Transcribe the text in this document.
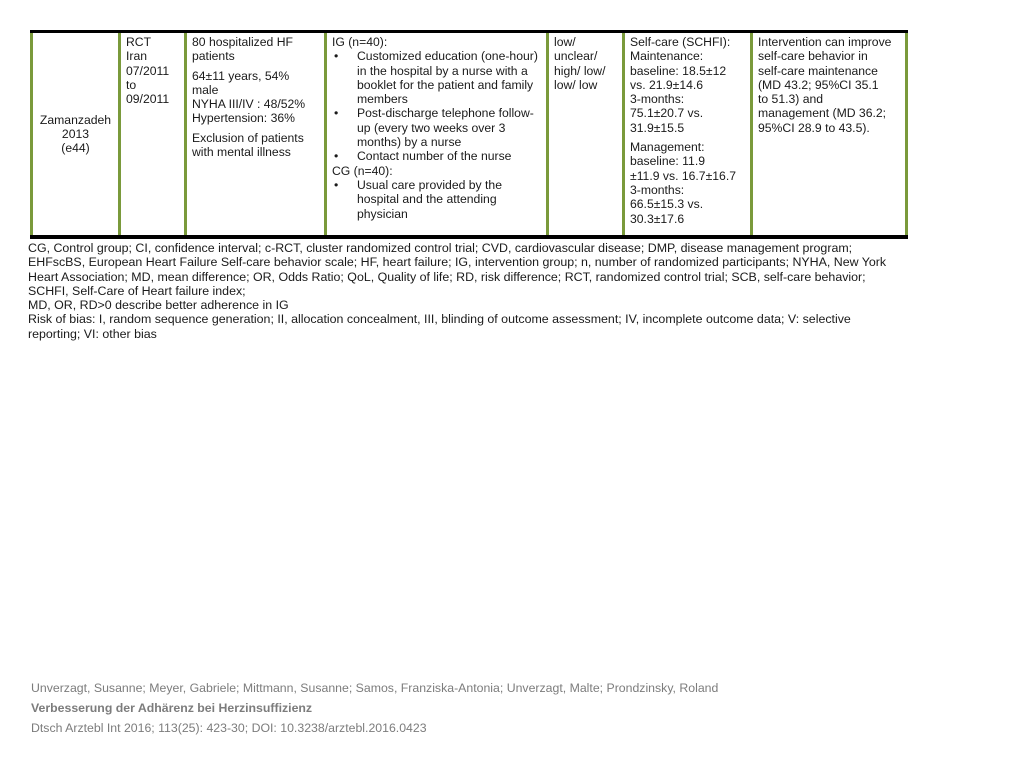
Zamanzadeh
2013
(e44)
RCT
Iran
07/2011
to
09/2011
80 hospitalized HF
patients
64±11 years, 54%
male
NYHA III/IV : 48/52%
Hypertension: 36%
Exclusion of patients
with mental illness
IG (n=40):
• Customized education (one-hour) in the hospital by a nurse with a booklet for the patient and family members
• Post-discharge telephone follow-up (every two weeks over 3 months) by a nurse
• Contact number of the nurse
CG (n=40):
• Usual care provided by the hospital and the attending physician
low/
unclear/
high/ low/
low/ low
Self-care (SCHFI):
Maintenance:
baseline: 18.5±12
vs. 21.9±14.6
3-months:
75.1±20.7 vs.
31.9±15.5
Management:
baseline: 11.9
±11.9 vs. 16.7±16.7
3-months:
66.5±15.3 vs.
30.3±17.6
Intervention can improve
self-care behavior in
self-care maintenance
(MD 43.2; 95%CI 35.1
to 51.3) and
management (MD 36.2;
95%CI 28.9 to 43.5).
CG, Control group; CI, confidence interval; c-RCT, cluster randomized control trial; CVD, cardiovascular disease; DMP, disease management program;
EHFscBS, European Heart Failure Self-care behavior scale; HF, heart failure; IG, intervention group; n, number of randomized participants; NYHA, New York
Heart Association; MD, mean difference; OR, Odds Ratio; QoL, Quality of life; RD, risk difference; RCT, randomized control trial; SCB, self-care behavior;
SCHFI, Self-Care of Heart failure index;
MD, OR, RD>0 describe better adherence in IG
Risk of bias: I, random sequence generation; II, allocation concealment, III, blinding of outcome assessment; IV, incomplete outcome data; V: selective
reporting; VI: other bias
Unverzagt, Susanne; Meyer, Gabriele; Mittmann, Susanne; Samos, Franziska-Antonia; Unverzagt, Malte; Prondzinsky, Roland
Verbesserung der Adhärenz bei Herzinsuffizienz
Dtsch Arztebl Int 2016; 113(25): 423-30; DOI: 10.3238/arztebl.2016.0423
